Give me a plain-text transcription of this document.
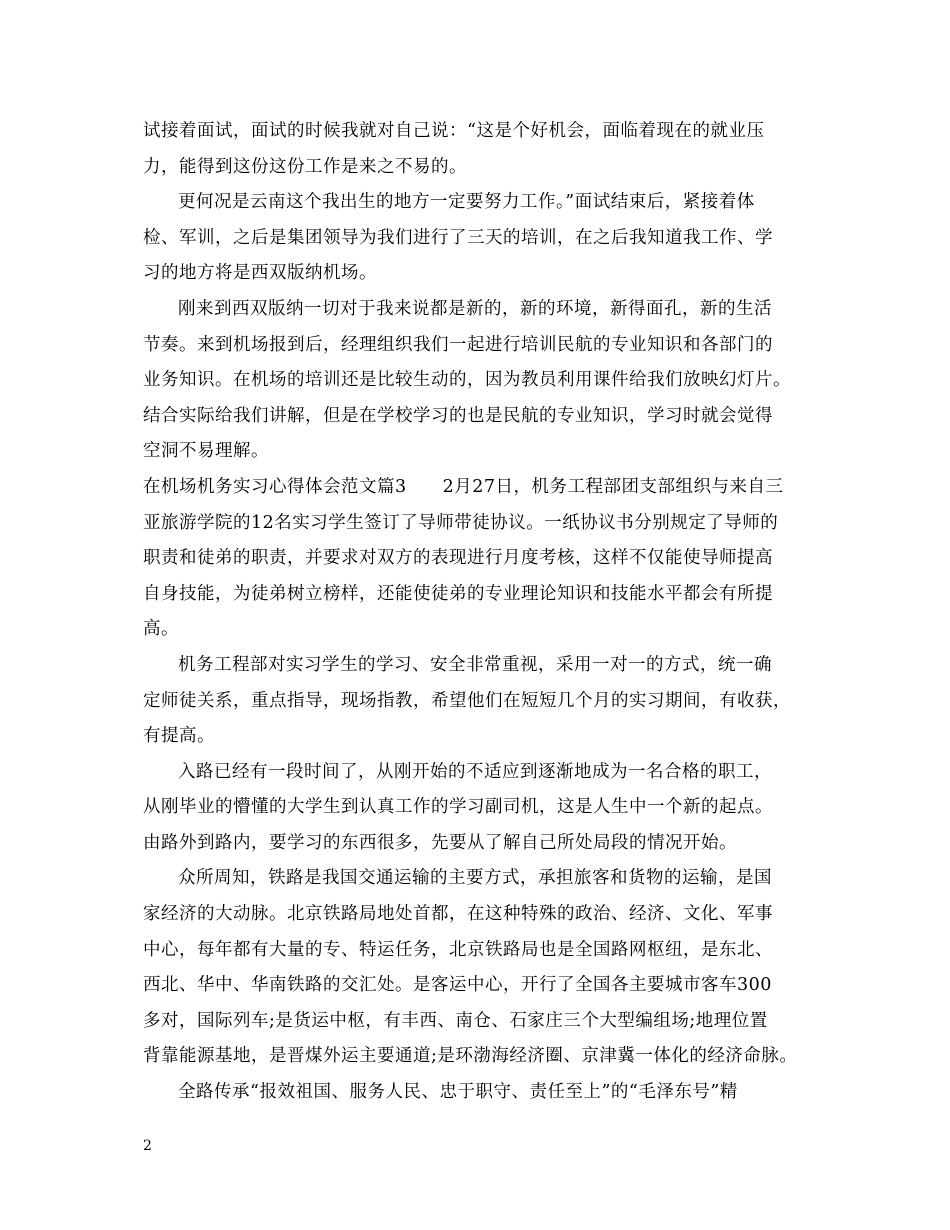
试接着面试，面试的时候我就对自己说：“这是个好机会，面临着现在的就业压
力，能得到这份这份工作是来之不易的。
更何况是云南这个我出生的地方一定要努力工作。”面试结束后，紧接着体
检、军训，之后是集团领导为我们进行了三天的培训，在之后我知道我工作、学
习的地方将是西双版纳机场。
刚来到西双版纳一切对于我来说都是新的，新的环境，新得面孔，新的生活
节奏。来到机场报到后，经理组织我们一起进行培训民航的专业知识和各部门的
业务知识。在机场的培训还是比较生动的，因为教员利用课件给我们放映幻灯片。
结合实际给我们讲解，但是在学校学习的也是民航的专业知识，学习时就会觉得
空洞不易理解。
在机场机务实习心得体会范文篇3　　2月27日，机务工程部团支部组织与来自三
亚旅游学院的12名实习学生签订了导师带徒协议。一纸协议书分别规定了导师的
职责和徒弟的职责，并要求对双方的表现进行月度考核，这样不仅能使导师提高
自身技能，为徒弟树立榜样，还能使徒弟的专业理论知识和技能水平都会有所提
高。
机务工程部对实习学生的学习、安全非常重视，采用一对一的方式，统一确
定师徒关系，重点指导，现场指教，希望他们在短短几个月的实习期间，有收获，
有提高。
入路已经有一段时间了，从刚开始的不适应到逐渐地成为一名合格的职工，
从刚毕业的懵懂的大学生到认真工作的学习副司机，这是人生中一个新的起点。
由路外到路内，要学习的东西很多，先要从了解自己所处局段的情况开始。
众所周知，铁路是我国交通运输的主要方式，承担旅客和货物的运输，是国
家经济的大动脉。北京铁路局地处首都，在这种特殊的政治、经济、文化、军事
中心，每年都有大量的专、特运任务，北京铁路局也是全国路网枢纽，是东北、
西北、华中、华南铁路的交汇处。是客运中心，开行了全国各主要城市客车300
多对，国际列车;是货运中枢，有丰西、南仓、石家庄三个大型编组场;地理位置
背靠能源基地，是晋煤外运主要通道;是环渤海经济圈、京津冀一体化的经济命脉。
全路传承“报效祖国、服务人民、忠于职守、责任至上”的“毛泽东号”精
2
